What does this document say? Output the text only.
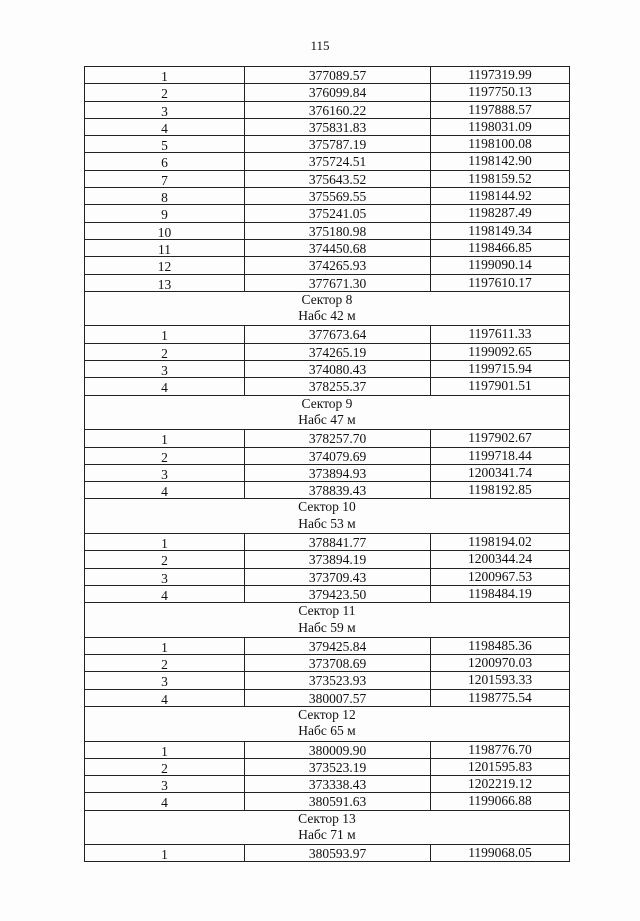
115
1	377089.57	1197319.99
2	376099.84	1197750.13
3	376160.22	1197888.57
4	375831.83	1198031.09
5	375787.19	1198100.08
6	375724.51	1198142.90
7	375643.52	1198159.52
8	375569.55	1198144.92
9	375241.05	1198287.49
10	375180.98	1198149.34
11	374450.68	1198466.85
12	374265.93	1199090.14
13	377671.30	1197610.17
Сектор 8
Набс 42 м
1	377673.64	1197611.33
2	374265.19	1199092.65
3	374080.43	1199715.94
4	378255.37	1197901.51
Сектор 9
Набс 47 м
1	378257.70	1197902.67
2	374079.69	1199718.44
3	373894.93	1200341.74
4	378839.43	1198192.85
Сектор 10
Набс 53 м
1	378841.77	1198194.02
2	373894.19	1200344.24
3	373709.43	1200967.53
4	379423.50	1198484.19
Сектор 11
Набс 59 м
1	379425.84	1198485.36
2	373708.69	1200970.03
3	373523.93	1201593.33
4	380007.57	1198775.54
Сектор 12
Набс 65 м
1	380009.90	1198776.70
2	373523.19	1201595.83
3	373338.43	1202219.12
4	380591.63	1199066.88
Сектор 13
Набс 71 м
1	380593.97	1199068.05
